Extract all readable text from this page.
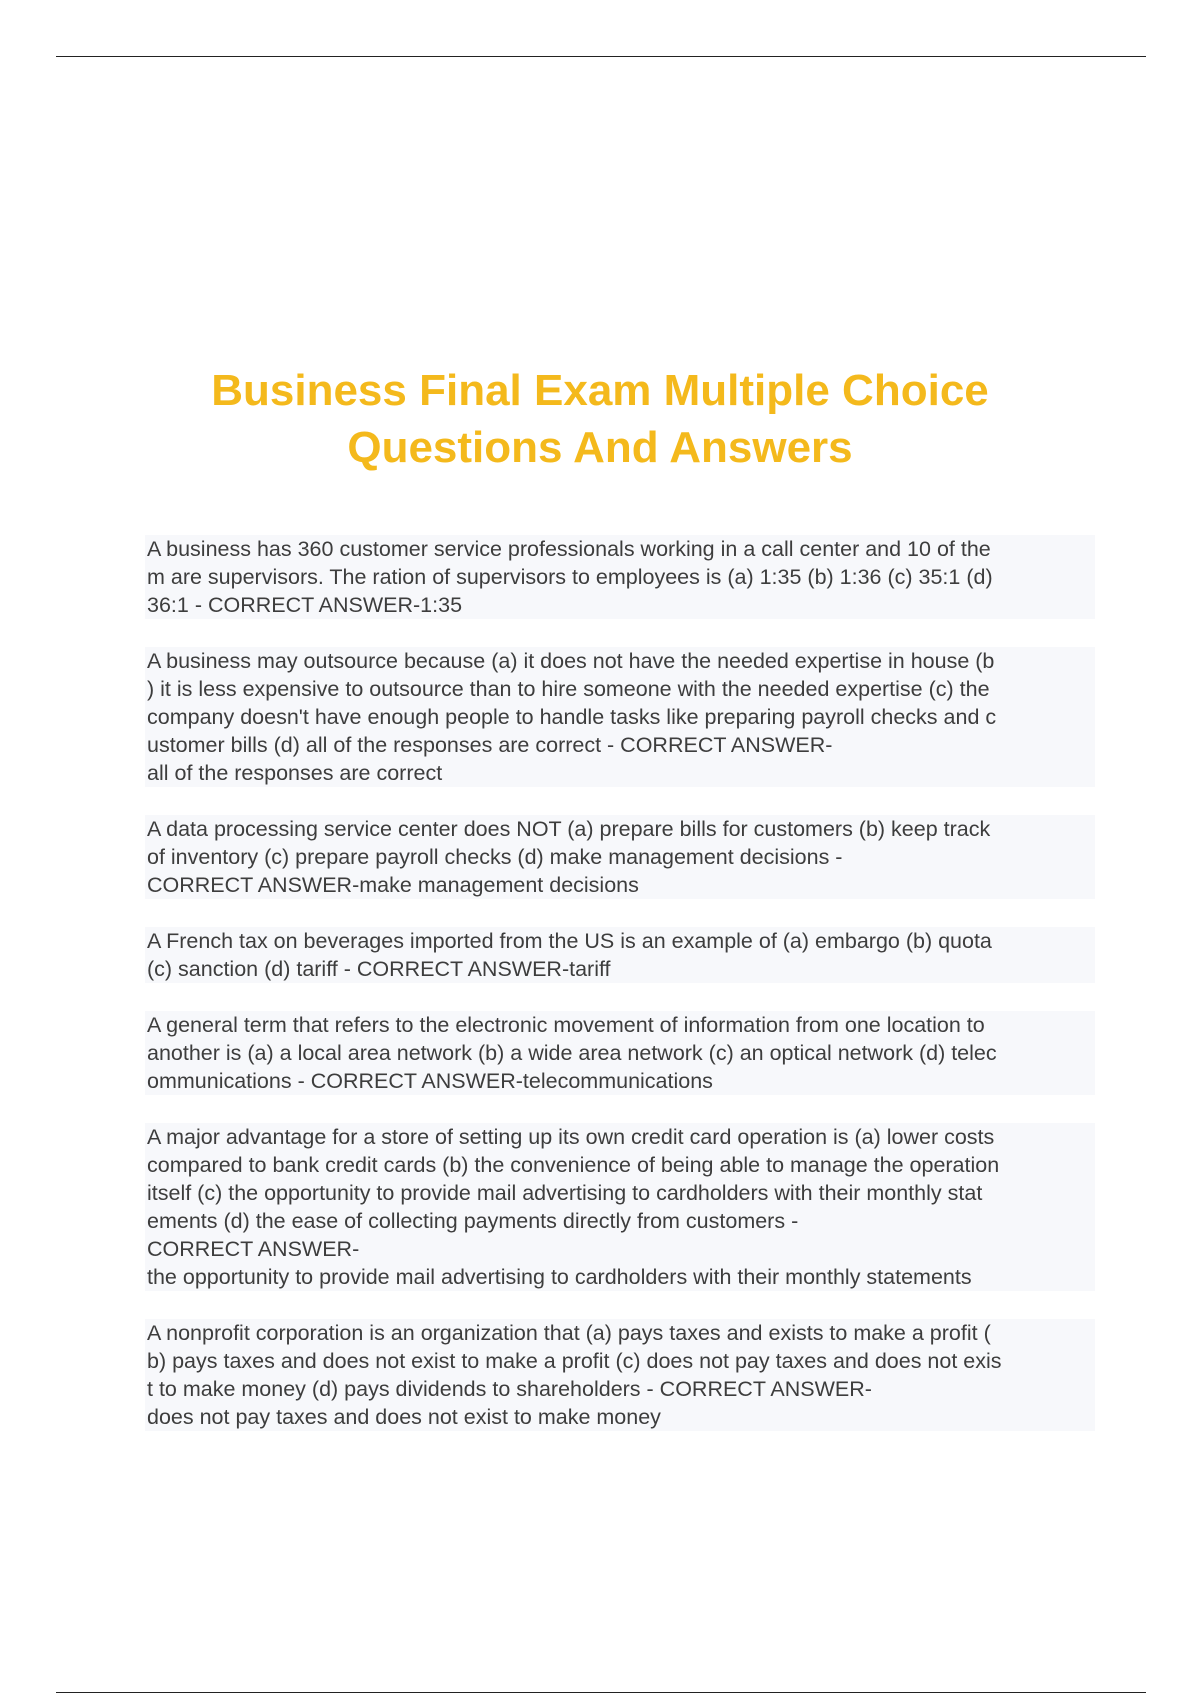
Business Final Exam Multiple Choice
Questions And Answers
A business has 360 customer service professionals working in a call center and 10 of the
m are supervisors. The ration of supervisors to employees is (a) 1:35 (b) 1:36 (c) 35:1 (d)
36:1 - CORRECT ANSWER-1:35
A business may outsource because (a) it does not have the needed expertise in house (b
) it is less expensive to outsource than to hire someone with the needed expertise (c) the
company doesn't have enough people to handle tasks like preparing payroll checks and c
ustomer bills (d) all of the responses are correct - CORRECT ANSWER-
all of the responses are correct
A data processing service center does NOT (a) prepare bills for customers (b) keep track
of inventory (c) prepare payroll checks (d) make management decisions -
CORRECT ANSWER-make management decisions
A French tax on beverages imported from the US is an example of (a) embargo (b) quota
(c) sanction (d) tariff - CORRECT ANSWER-tariff
A general term that refers to the electronic movement of information from one location to
another is (a) a local area network (b) a wide area network (c) an optical network (d) telec
ommunications - CORRECT ANSWER-telecommunications
A major advantage for a store of setting up its own credit card operation is (a) lower costs
compared to bank credit cards (b) the convenience of being able to manage the operation
itself (c) the opportunity to provide mail advertising to cardholders with their monthly stat
ements (d) the ease of collecting payments directly from customers -
CORRECT ANSWER-
the opportunity to provide mail advertising to cardholders with their monthly statements
A nonprofit corporation is an organization that (a) pays taxes and exists to make a profit (
b) pays taxes and does not exist to make a profit (c) does not pay taxes and does not exis
t to make money (d) pays dividends to shareholders - CORRECT ANSWER-
does not pay taxes and does not exist to make money
